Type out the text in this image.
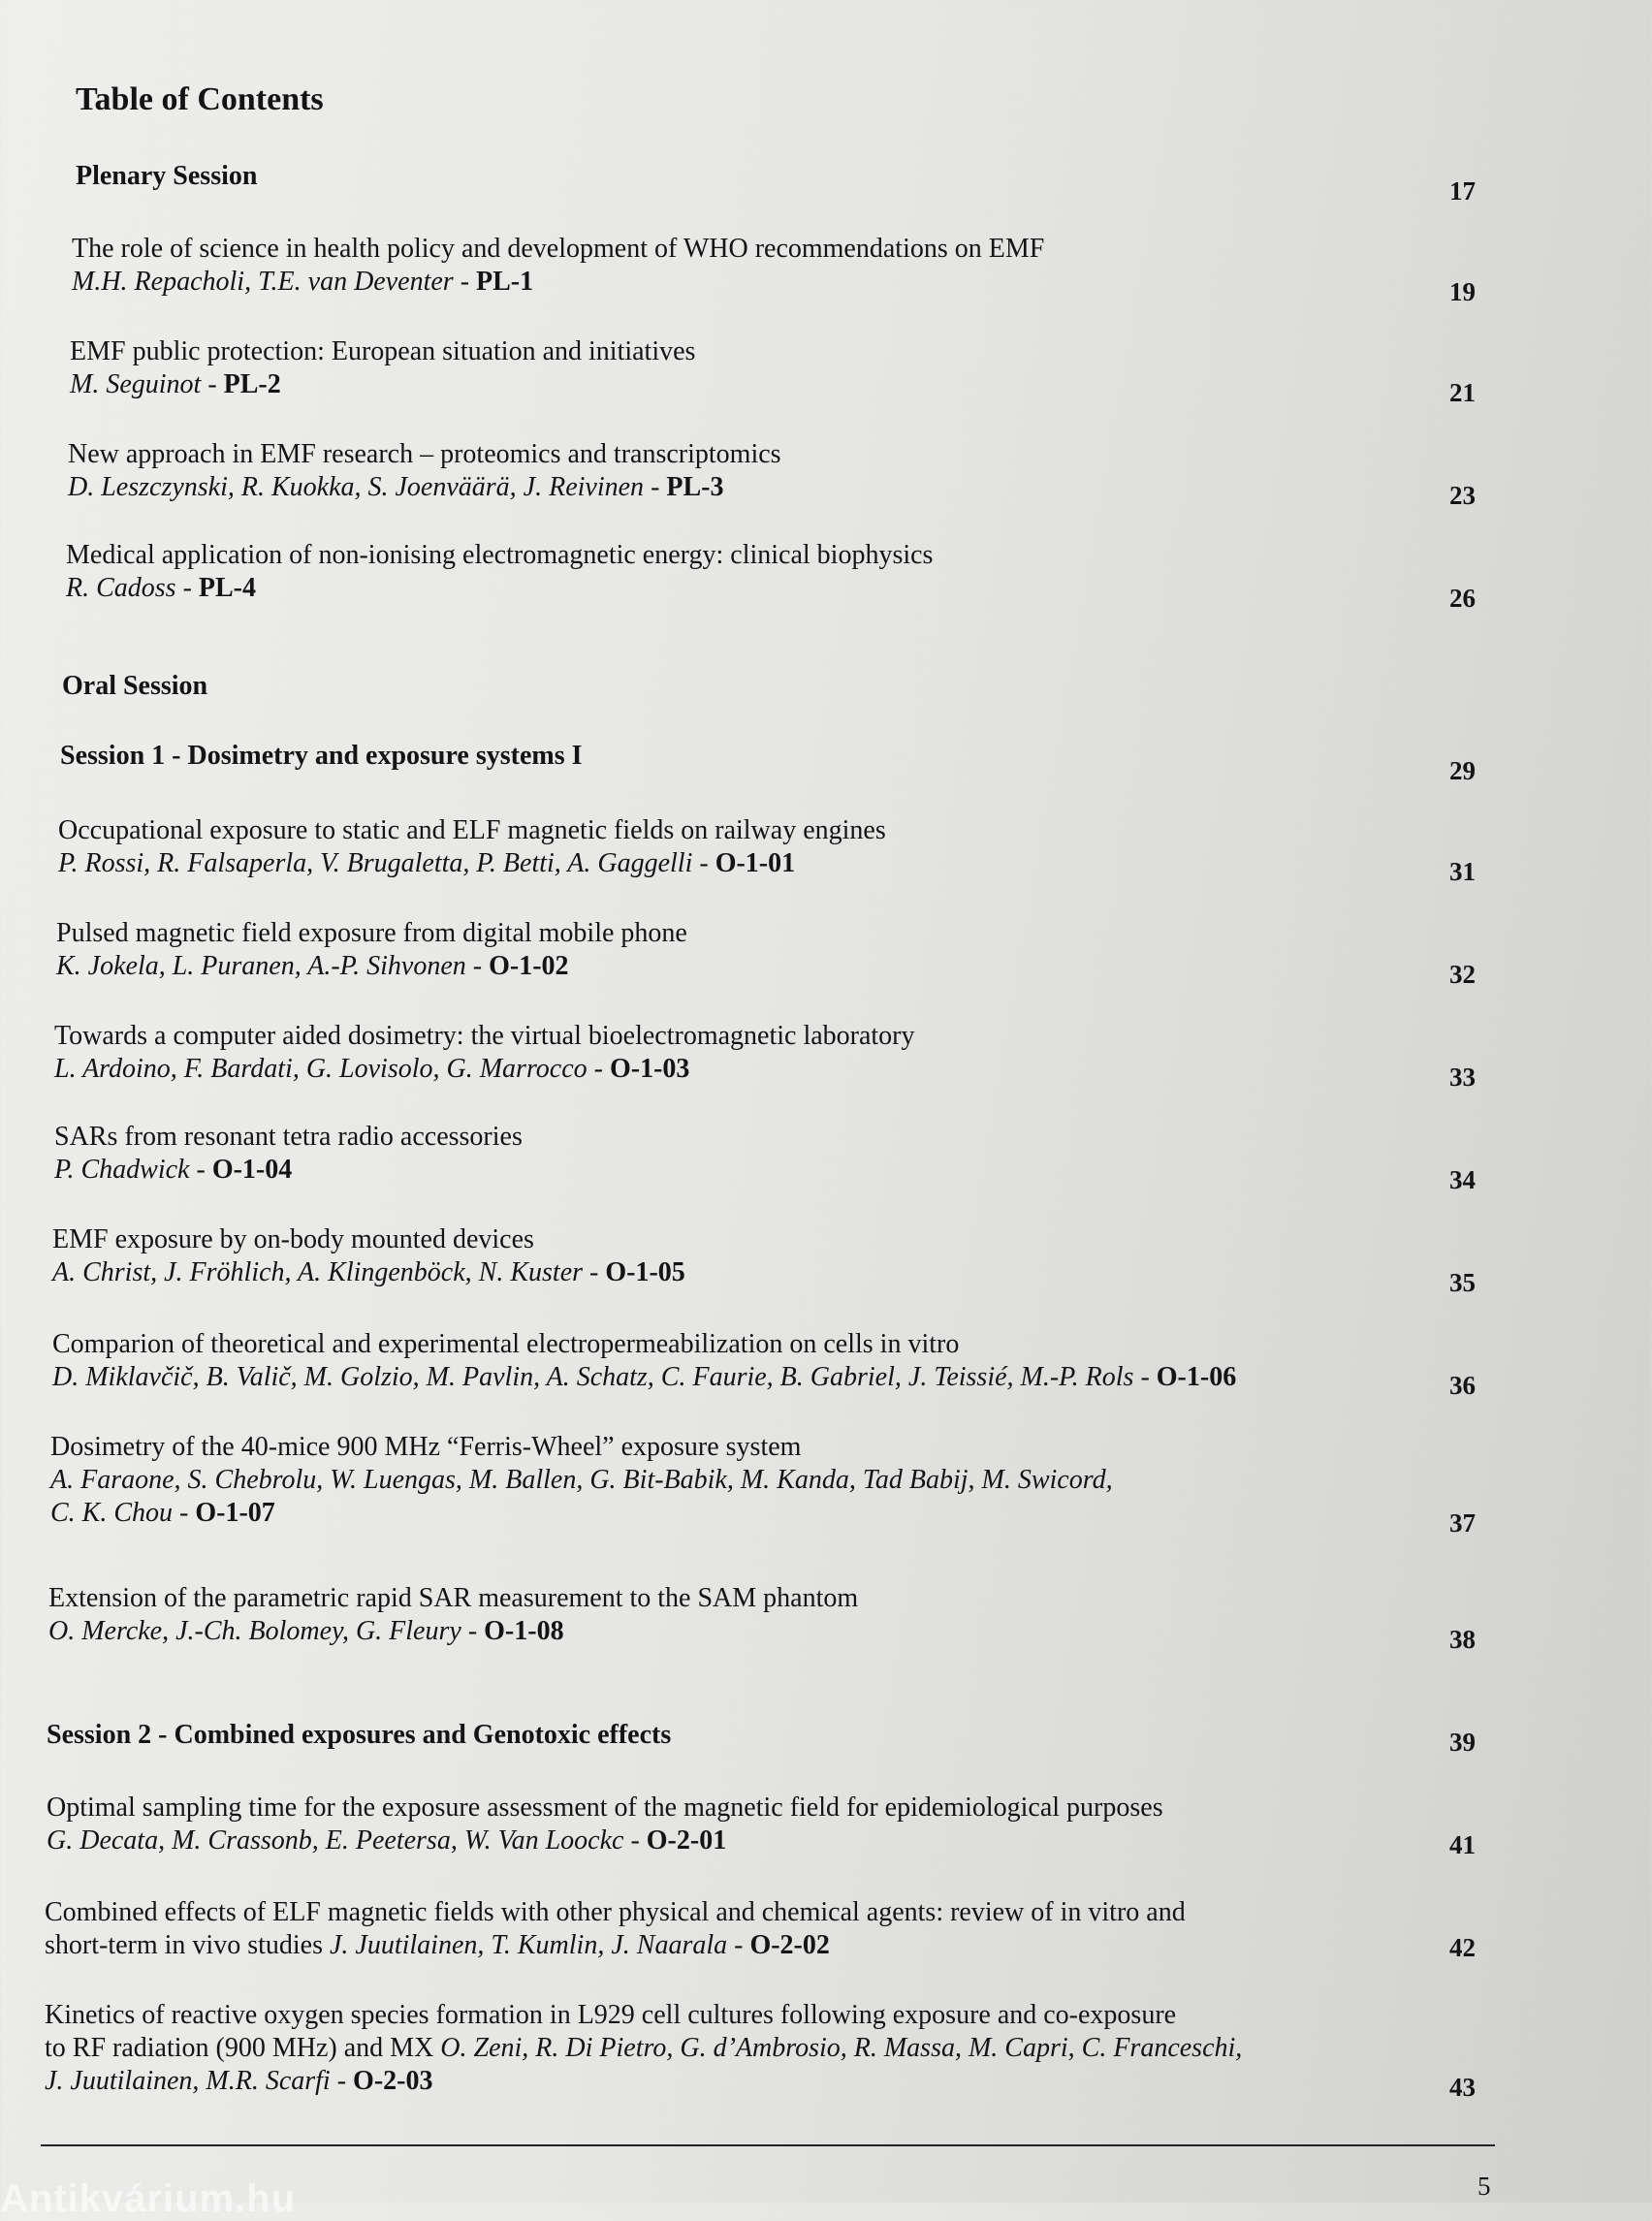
Table of Contents
Plenary Session	17
The role of science in health policy and development of WHO recommendations on EMF
M.H. Repacholi, T.E. van Deventer - PL-1	19
EMF public protection: European situation and initiatives
M. Seguinot - PL-2	21
New approach in EMF research – proteomics and transcriptomics
D. Leszczynski, R. Kuokka, S. Joenväärä, J. Reivinen - PL-3	23
Medical application of non-ionising electromagnetic energy: clinical biophysics
R. Cadoss - PL-4	26
Oral Session
Session 1 - Dosimetry and exposure systems I	29
Occupational exposure to static and ELF magnetic fields on railway engines
P. Rossi, R. Falsaperla, V. Brugaletta, P. Betti, A. Gaggelli - O-1-01	31
Pulsed magnetic field exposure from digital mobile phone
K. Jokela, L. Puranen, A.-P. Sihvonen - O-1-02	32
Towards a computer aided dosimetry: the virtual bioelectromagnetic laboratory
L. Ardoino, F. Bardati, G. Lovisolo, G. Marrocco - O-1-03	33
SARs from resonant tetra radio accessories
P. Chadwick - O-1-04	34
EMF exposure by on-body mounted devices
A. Christ, J. Fröhlich, A. Klingenböck, N. Kuster - O-1-05	35
Comparion of theoretical and experimental electropermeabilization on cells in vitro
D. Miklavčič, B. Valič, M. Golzio, M. Pavlin, A. Schatz, C. Faurie, B. Gabriel, J. Teissié, M.-P. Rols - O-1-06	36
Dosimetry of the 40-mice 900 MHz “Ferris-Wheel” exposure system
A. Faraone, S. Chebrolu, W. Luengas, M. Ballen, G. Bit-Babik, M. Kanda, Tad Babij, M. Swicord,
C. K. Chou - O-1-07	37
Extension of the parametric rapid SAR measurement to the SAM phantom
O. Mercke, J.-Ch. Bolomey, G. Fleury - O-1-08	38
Session 2 - Combined exposures and Genotoxic effects	39
Optimal sampling time for the exposure assessment of the magnetic field for epidemiological purposes
G. Decata, M. Crassonb, E. Peetersa, W. Van Loockc - O-2-01	41
Combined effects of ELF magnetic fields with other physical and chemical agents: review of in vitro and
short-term in vivo studies J. Juutilainen, T. Kumlin, J. Naarala - O-2-02	42
Kinetics of reactive oxygen species formation in L929 cell cultures following exposure and co-exposure
to RF radiation (900 MHz) and MX O. Zeni, R. Di Pietro, G. d’Ambrosio, R. Massa, M. Capri, C. Franceschi,
J. Juutilainen, M.R. Scarfi - O-2-03	43
5
Antikvárium.hu
